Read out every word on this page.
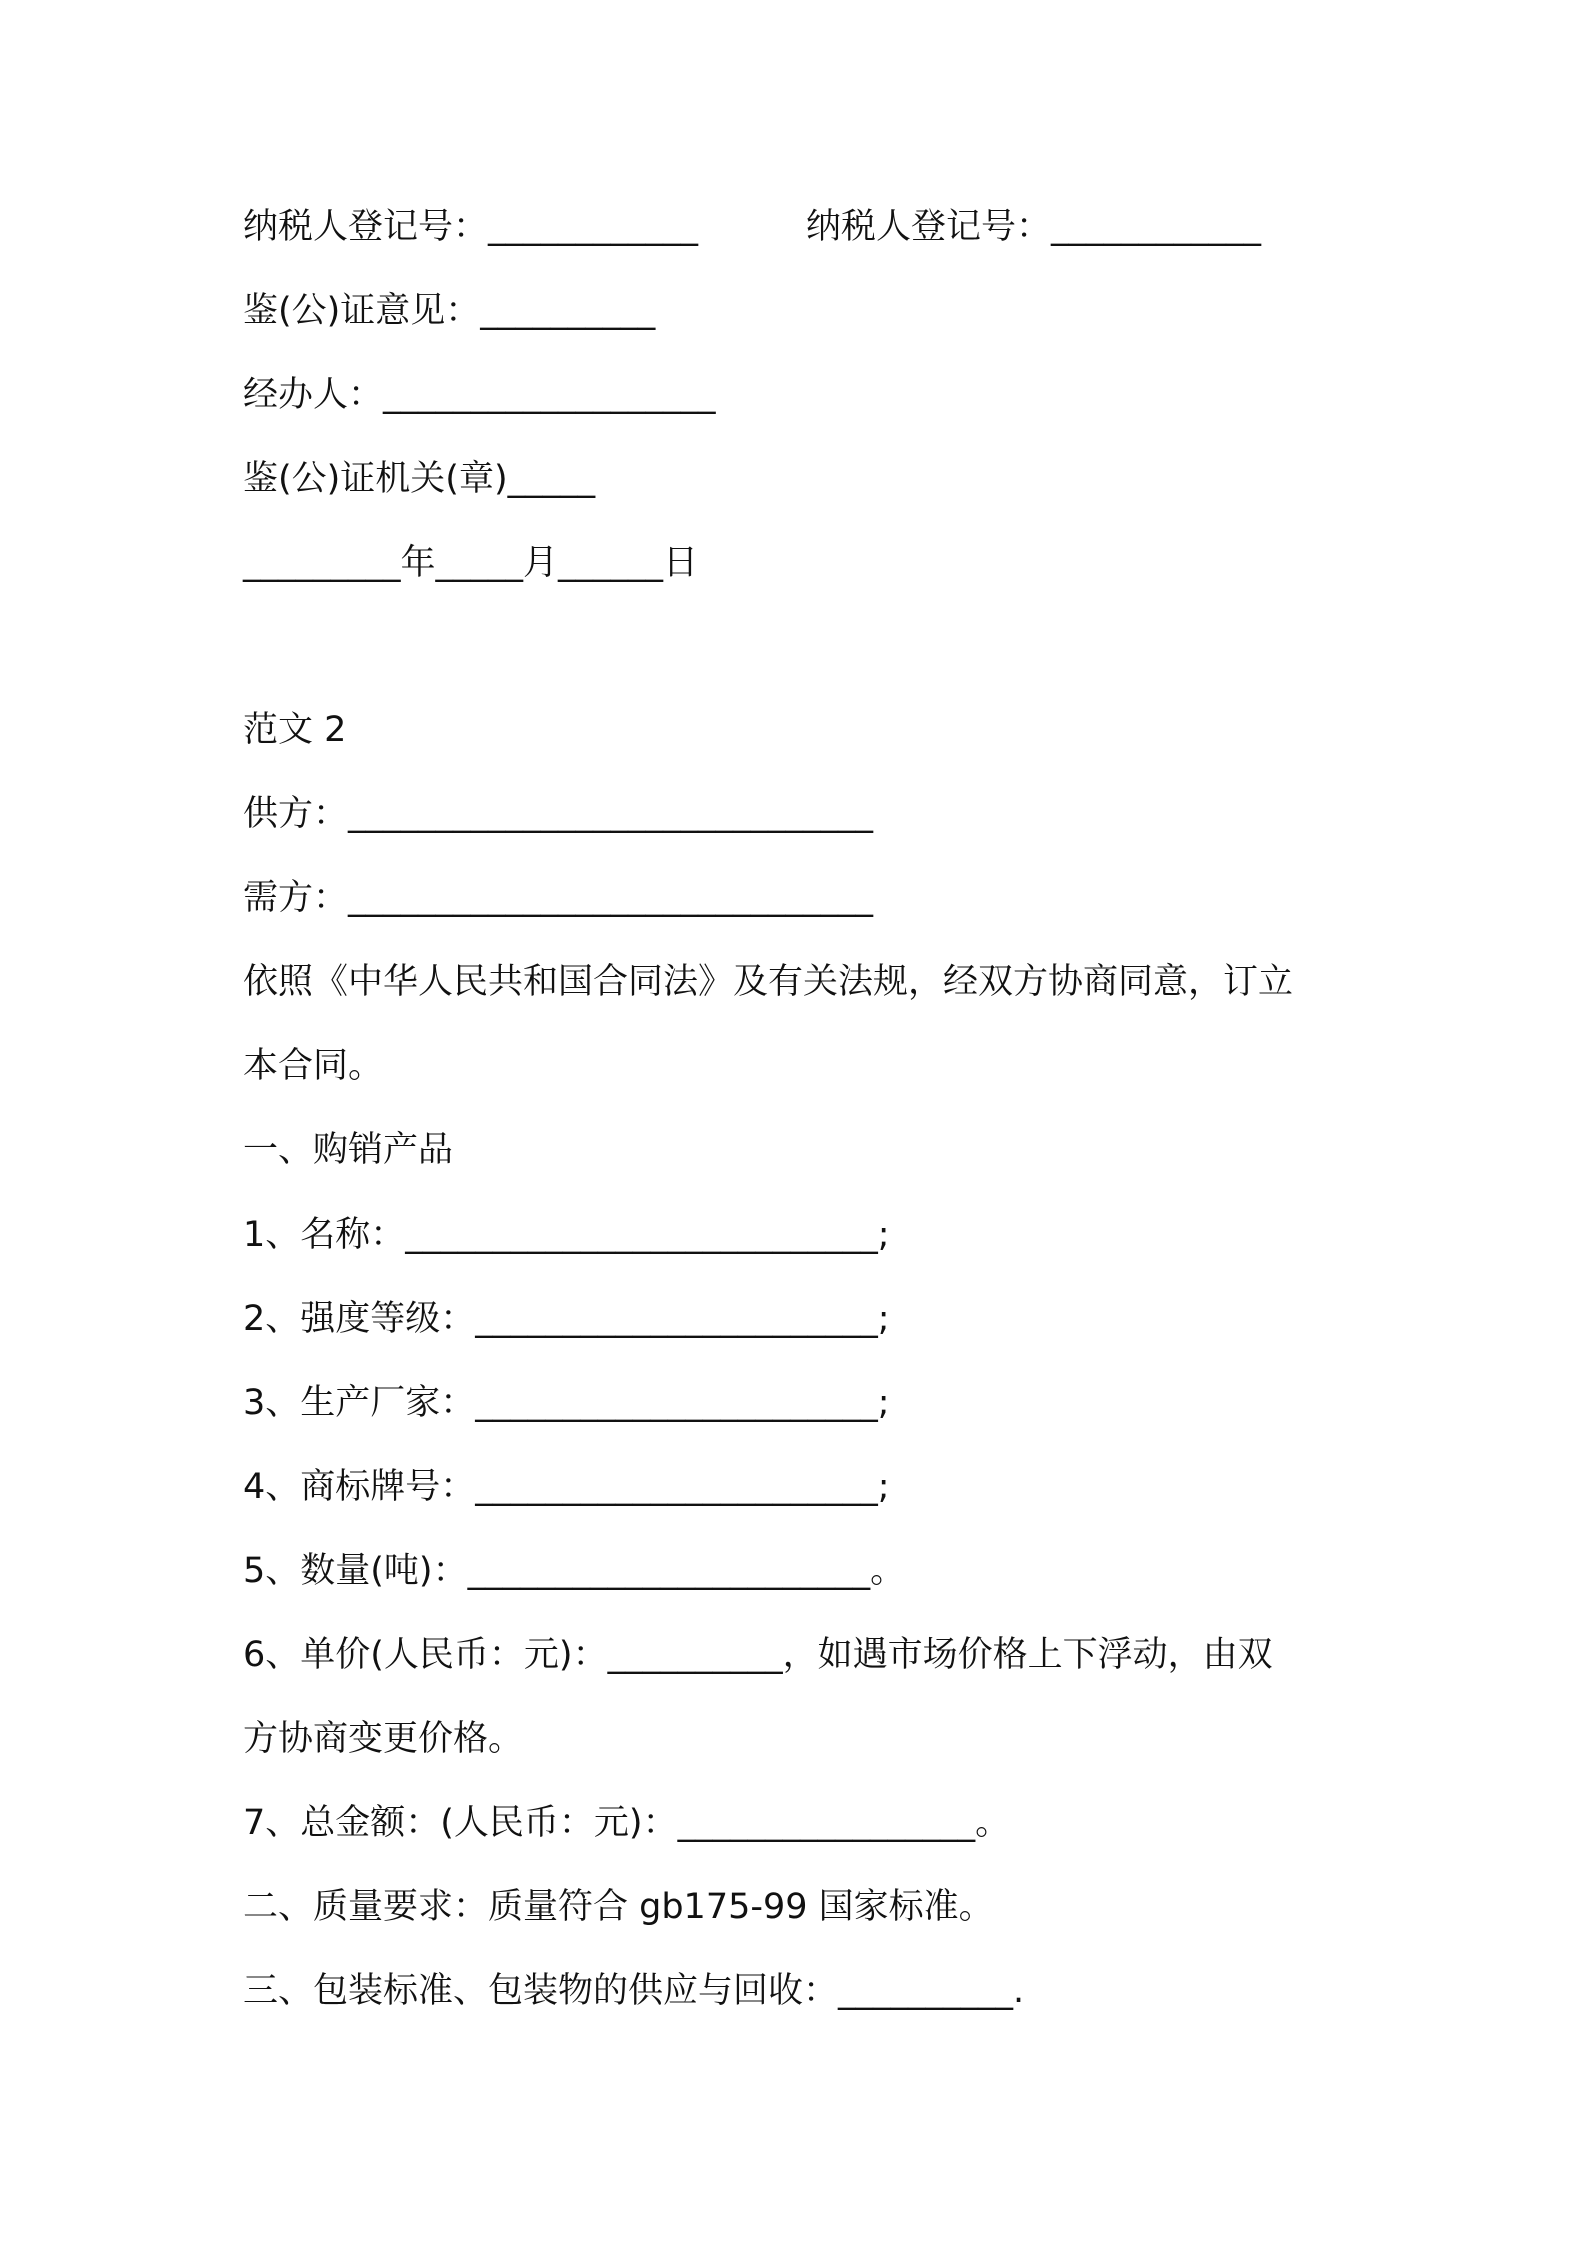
纳税人登记号：____________	纳税人登记号：____________
鉴(公)证意见：__________
经办人：___________________
鉴(公)证机关(章)_____
_________年_____月______日
范文 2
供方：______________________________
需方：______________________________
依照《中华人民共和国合同法》及有关法规，经双方协商同意，订立
本合同。
一、购销产品
1、名称：___________________________;
2、强度等级：_______________________;
3、生产厂家：_______________________;
4、商标牌号：_______________________;
5、数量(吨)：_______________________。
6、单价(人民币：元)：__________，如遇市场价格上下浮动，由双
方协商变更价格。
7、总金额：(人民币：元)：_________________。
二、质量要求：质量符合 gb175-99 国家标准。
三、包装标准、包装物的供应与回收：__________.
